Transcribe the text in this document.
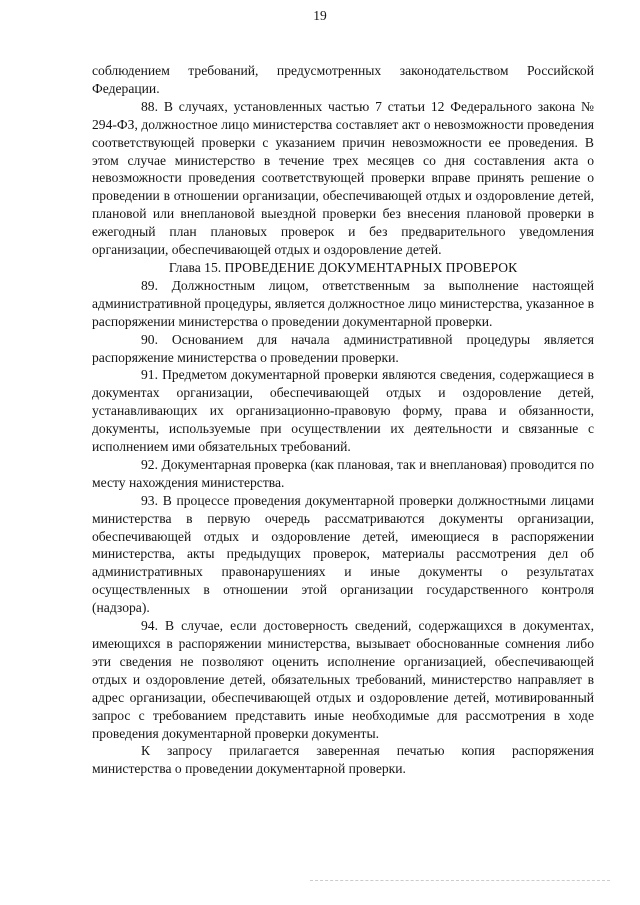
19

соблюдением требований, предусмотренных законодательством Российской Федерации.

88. В случаях, установленных частью 7 статьи 12 Федерального закона № 294-ФЗ, должностное лицо министерства составляет акт о невозможности проведения соответствующей проверки с указанием причин невозможности ее проведения. В этом случае министерство в течение трех месяцев со дня составления акта о невозможности проведения соответствующей проверки вправе принять решение о проведении в отношении организации, обеспечивающей отдых и оздоровление детей, плановой или внеплановой выездной проверки без внесения плановой проверки в ежегодный план плановых проверок и без предварительного уведомления организации, обеспечивающей отдых и оздоровление детей.

Глава 15. ПРОВЕДЕНИЕ ДОКУМЕНТАРНЫХ ПРОВЕРОК

89. Должностным лицом, ответственным за выполнение настоящей административной процедуры, является должностное лицо министерства, указанное в распоряжении министерства о проведении документарной проверки.

90. Основанием для начала административной процедуры является распоряжение министерства о проведении проверки.

91. Предметом документарной проверки являются сведения, содержащиеся в документах организации, обеспечивающей отдых и оздоровление детей, устанавливающих их организационно-правовую форму, права и обязанности, документы, используемые при осуществлении их деятельности и связанные с исполнением ими обязательных требований.

92. Документарная проверка (как плановая, так и внеплановая) проводится по месту нахождения министерства.

93. В процессе проведения документарной проверки должностными лицами министерства в первую очередь рассматриваются документы организации, обеспечивающей отдых и оздоровление детей, имеющиеся в распоряжении министерства, акты предыдущих проверок, материалы рассмотрения дел об административных правонарушениях и иные документы о результатах осуществленных в отношении этой организации государственного контроля (надзора).

94. В случае, если достоверность сведений, содержащихся в документах, имеющихся в распоряжении министерства, вызывает обоснованные сомнения либо эти сведения не позволяют оценить исполнение организацией, обеспечивающей отдых и оздоровление детей, обязательных требований, министерство направляет в адрес организации, обеспечивающей отдых и оздоровление детей, мотивированный запрос с требованием представить иные необходимые для рассмотрения в ходе проведения документарной проверки документы.

К запросу прилагается заверенная печатью копия распоряжения министерства о проведении документарной проверки.
